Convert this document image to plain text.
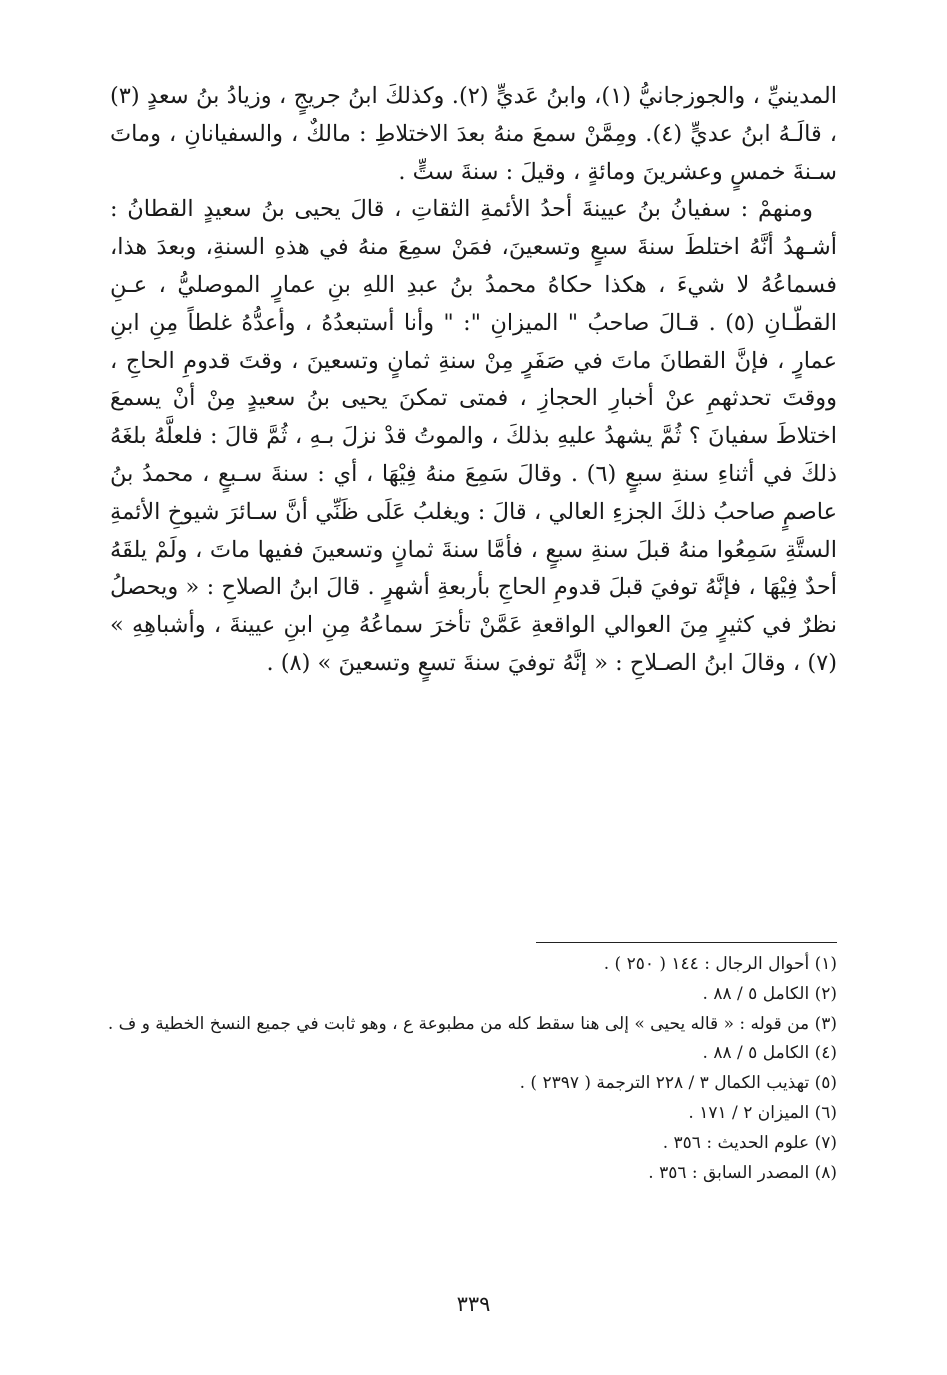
المدينيِّ ، والجوزجانيُّ (١)، وابنُ عَديٍّ (٢). وكذلكَ ابنُ جريجٍ ، وزيادُ بنُ سعدٍ (٣) ، قالَـهُ ابنُ عديٍّ (٤). ومِمَّنْ سمعَ منهُ بعدَ الاختلاطِ : مالكٌ ، والسفيانانِ ، وماتَ سـنةَ خمسٍ وعشرينَ ومائةٍ ، وقيلَ : سنةَ ستٍّ .

ومنهمْ : سفيانُ بنُ عيينةَ أحدُ الأئمةِ الثقاتِ ، قالَ يحيى بنُ سعيدٍ القطانُ : أشـهدُ أنَّهُ اختلطَ سنةَ سبعٍ وتسعينَ، فمَنْ سمِعَ منهُ في هذهِ السنةِ، وبعدَ هذا، فسماعُهُ لا شيءَ ، هكذا حكاهُ محمدُ بنُ عبدِ اللهِ بنِ عمارٍ الموصليُّ ، عـنِ القطّـانِ (٥) . قـالَ صاحبُ " الميزانِ ": " وأنا أستبعدُهُ ، وأعدُّهُ غلطاً مِنِ ابنِ عمارٍ ، فإنَّ القطانَ ماتَ في صَفَرٍ مِنْ سنةِ ثمانٍ وتسعينَ ، وقتَ قدومِ الحاجِ ، ووقتَ تحدثهمِ عنْ أخبارِ الحجازِ ، فمتى تمكنَ يحيى بنُ سعيدٍ مِنْ أنْ يسمعَ اختلاطَ سفيانَ ؟ ثُمَّ يشهدُ عليهِ بذلكَ ، والموتُ قدْ نزلَ بـهِ ، ثُمَّ قالَ : فلعلَّهُ بلغَهُ ذلكَ في أثناءِ سنةِ سبعٍ (٦) . وقالَ سَمِعَ منهُ فِيْهَا ، أي : سنةَ سـبعٍ ، محمدُ بنُ عاصمٍ صاحبُ ذلكَ الجزءِ العالي ، قالَ : ويغلبُ عَلَى ظَنِّي أنَّ سـائرَ شيوخِ الأئمةِ الستَّةِ سَمِعُوا منهُ قبلَ سنةِ سبعٍ ، فأمَّا سنةَ ثمانٍ وتسعينَ ففيها ماتَ ، ولَمْ يلقَهُ أحدٌ فِيْهَا ، فإنَّهُ توفيَ قبلَ قدومِ الحاجِ بأربعةِ أشهرٍ . قالَ ابنُ الصلاحِ : « ويحصلُ نظرٌ في كثيرٍ مِنَ العوالي الواقعةِ عَمَّنْ تأخرَ سماعُهُ مِنِ ابنِ عيينةَ ، وأشباهِهِ » (٧) ، وقالَ ابنُ الصـلاحِ : « إنَّهُ توفيَ سنةَ تسعٍ وتسعينَ » (٨) .

(١) أحوال الرجال : ١٤٤ ( ٢٥٠ ) .
(٢) الكامل ٥ / ٨٨ .
(٣) من قوله : « قاله يحيى » إلى هنا سقط كله من مطبوعة ع ، وهو ثابت في جميع النسخ الخطية و ف .
(٤) الكامل ٥ / ٨٨ .
(٥) تهذيب الكمال ٣ / ٢٢٨ الترجمة ( ٢٣٩٧ ) .
(٦) الميزان ٢ / ١٧١ .
(٧) علوم الحديث : ٣٥٦ .
(٨) المصدر السابق : ٣٥٦ .
٣٣٩
